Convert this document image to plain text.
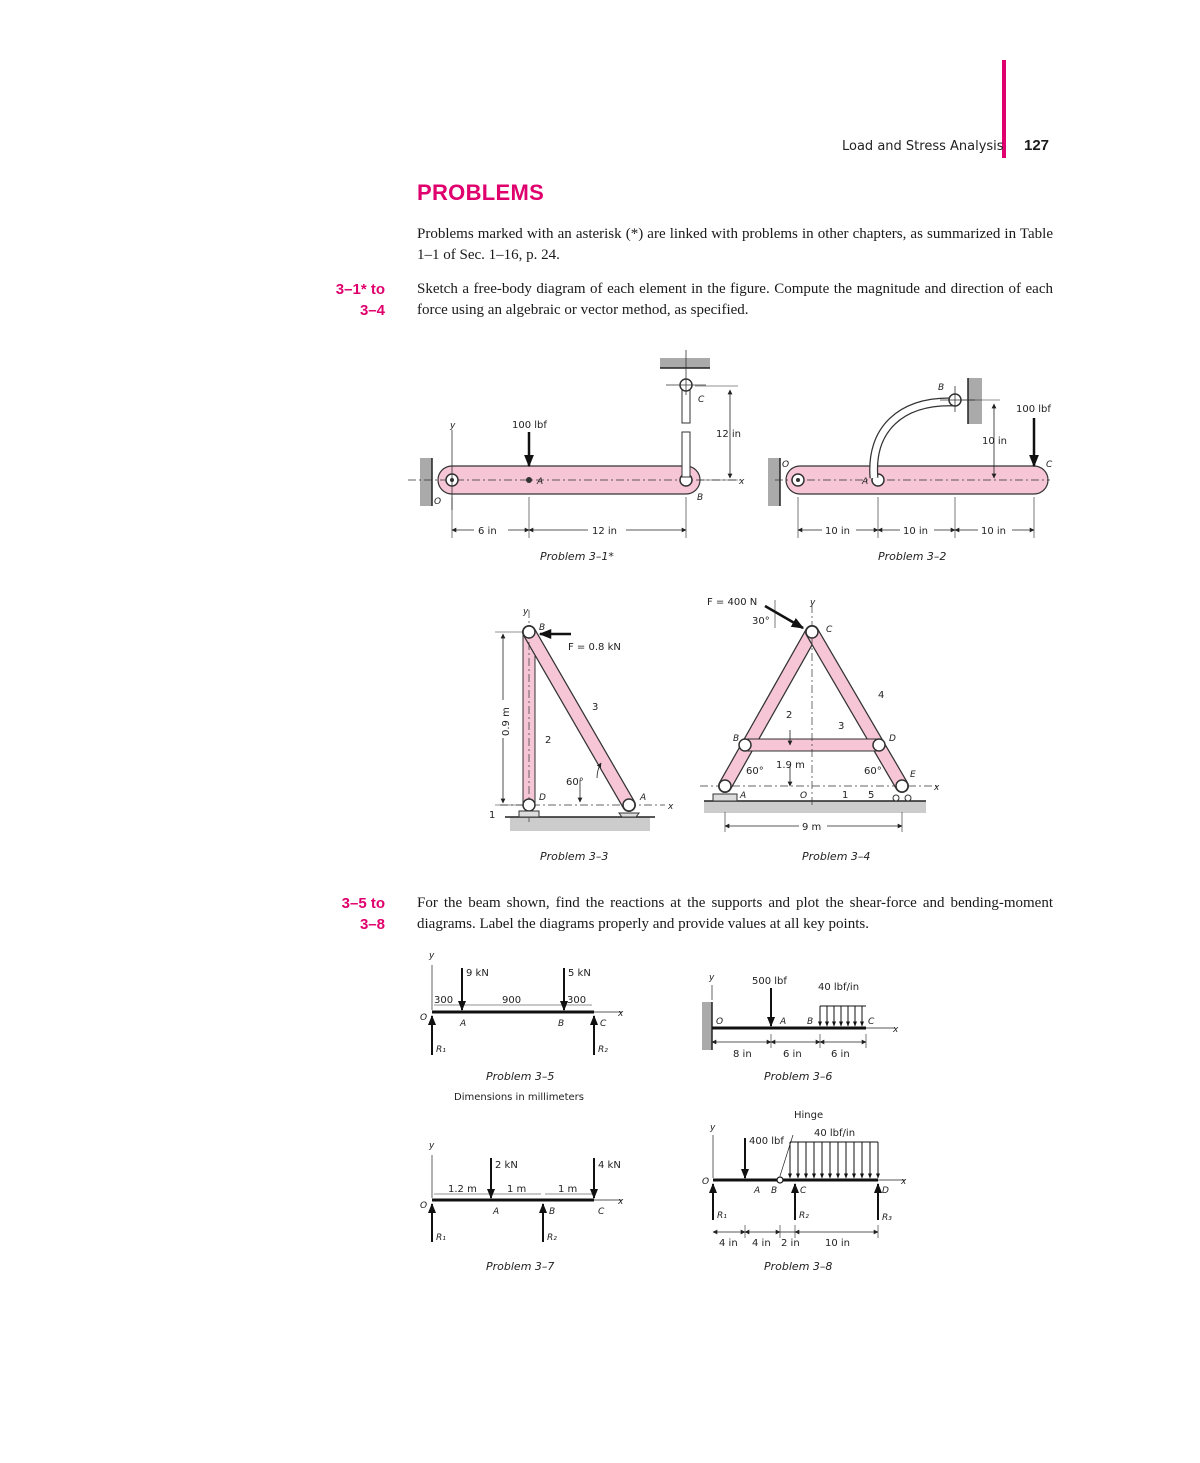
Load and Stress Analysis 127
PROBLEMS
Problems marked with an asterisk (*) are linked with problems in other chapters, as summarized in Table 1–1 of Sec. 1–16, p. 24.
3–1* to
3–4
Sketch a free-body diagram of each element in the figure. Compute the magnitude and direction of each force using an algebraic or vector method, as specified.
y	100 lbf
A
O	B
C
x
12 in
6 in	12 in
Problem 3–1*
100 lbf
B
C
O
A
10 in
10 in	10 in	10 in
Problem 3–2
0.9 m
y
B
F = 0.8 kN
3
2
60°
D	A
x
1
Problem 3–3
9 m
F = 400 N	y
30°
C
4
2
3
B	D
1.9 m
60°	60°	E
A	O	1 5
x
Problem 3–4
3–5 to
3–8
For the beam shown, find the reactions at the supports and plot the shear-force and bending-moment diagrams. Label the diagrams properly and provide values at all key points.
y
9 kN	5 kN
300	900	300
O
A	B	C
x
R₁	R₂
Problem 3–5
Dimensions in millimeters
y	500 lbf
40 lbf/in
O	A B	C
x
8 in	6 in	6 in
Problem 3–6
y
2 kN	4 kN
1.2 m	1 m	1 m
O
A	B	C
x
R₁	R₂
Problem 3–7
y
Hinge
400 lbf
40 lbf/in
O
A B	C	D
x
R₁	R₂	R₃
4 in 4 in 2 in	10 in
Problem 3–8
